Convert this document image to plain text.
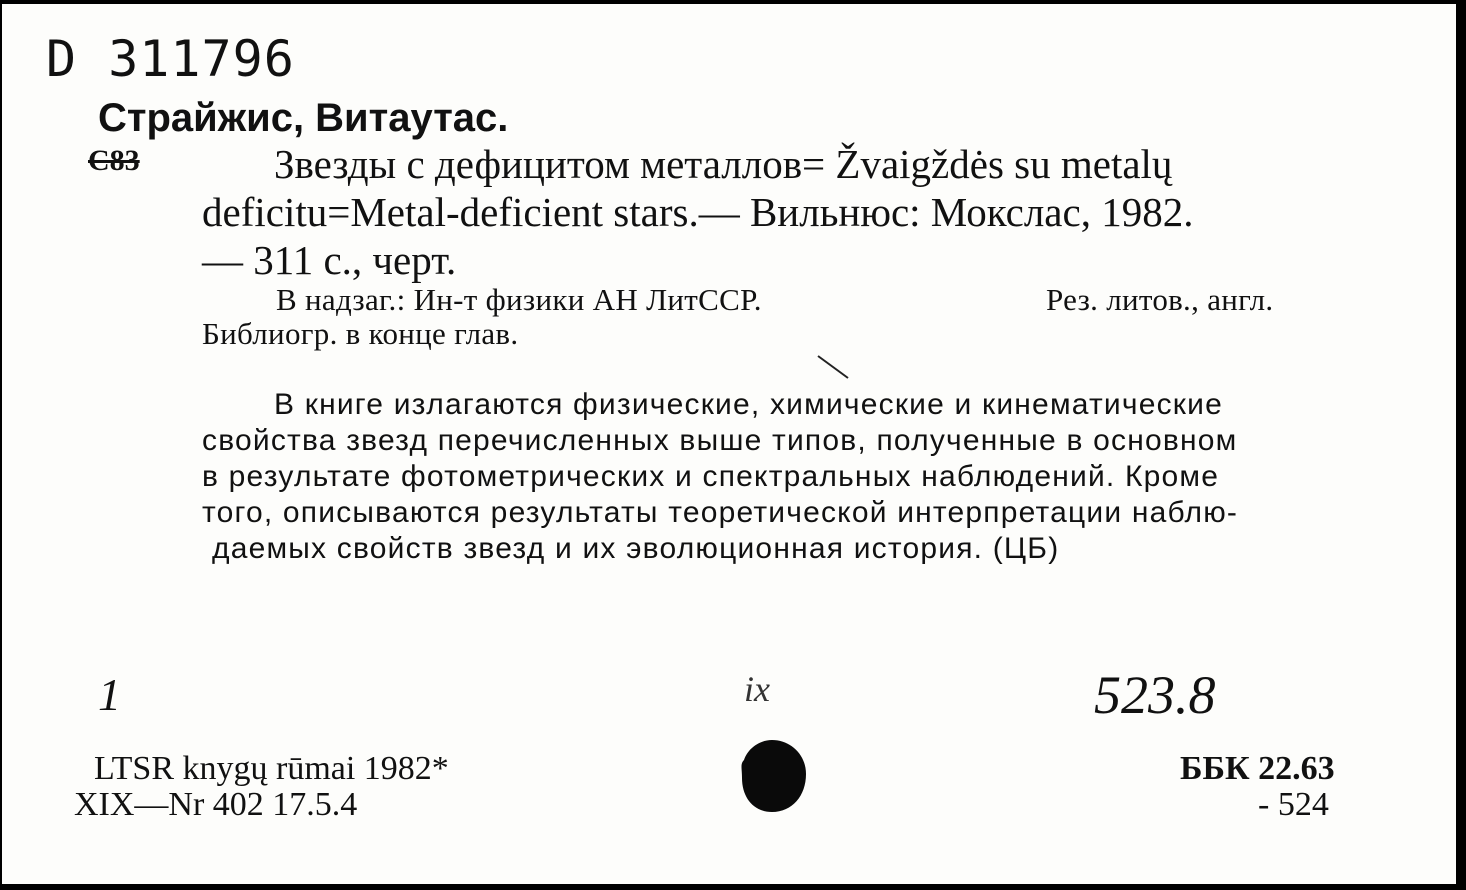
D 311796
Страйжис, Витаутас.
C83	Звезды с дефицитом металлов= Žvaigždės su metalų
deficitu=Metal-deficient stars.— Вильнюс: Мокслас, 1982.
— 311 с., черт.
В надзаг.: Ин-т физики АН ЛитССР.	Рез. литов., англ.
Библиогр. в конце глав.
В книге излагаются физические, химические и кинематические
свойства звезд перечисленных выше типов, полученные в основном
в результате фотометрических и спектральных наблюдений. Кроме
того, описываются результаты теоретической интерпретации наблю-
даемых свойств звезд и их эволюционная история. (ЦБ)
1	іх	523.8
LTSR knygų rūmai 1982*
XIX—Nr 402 17.5.4
ББК 22.63
- 524
